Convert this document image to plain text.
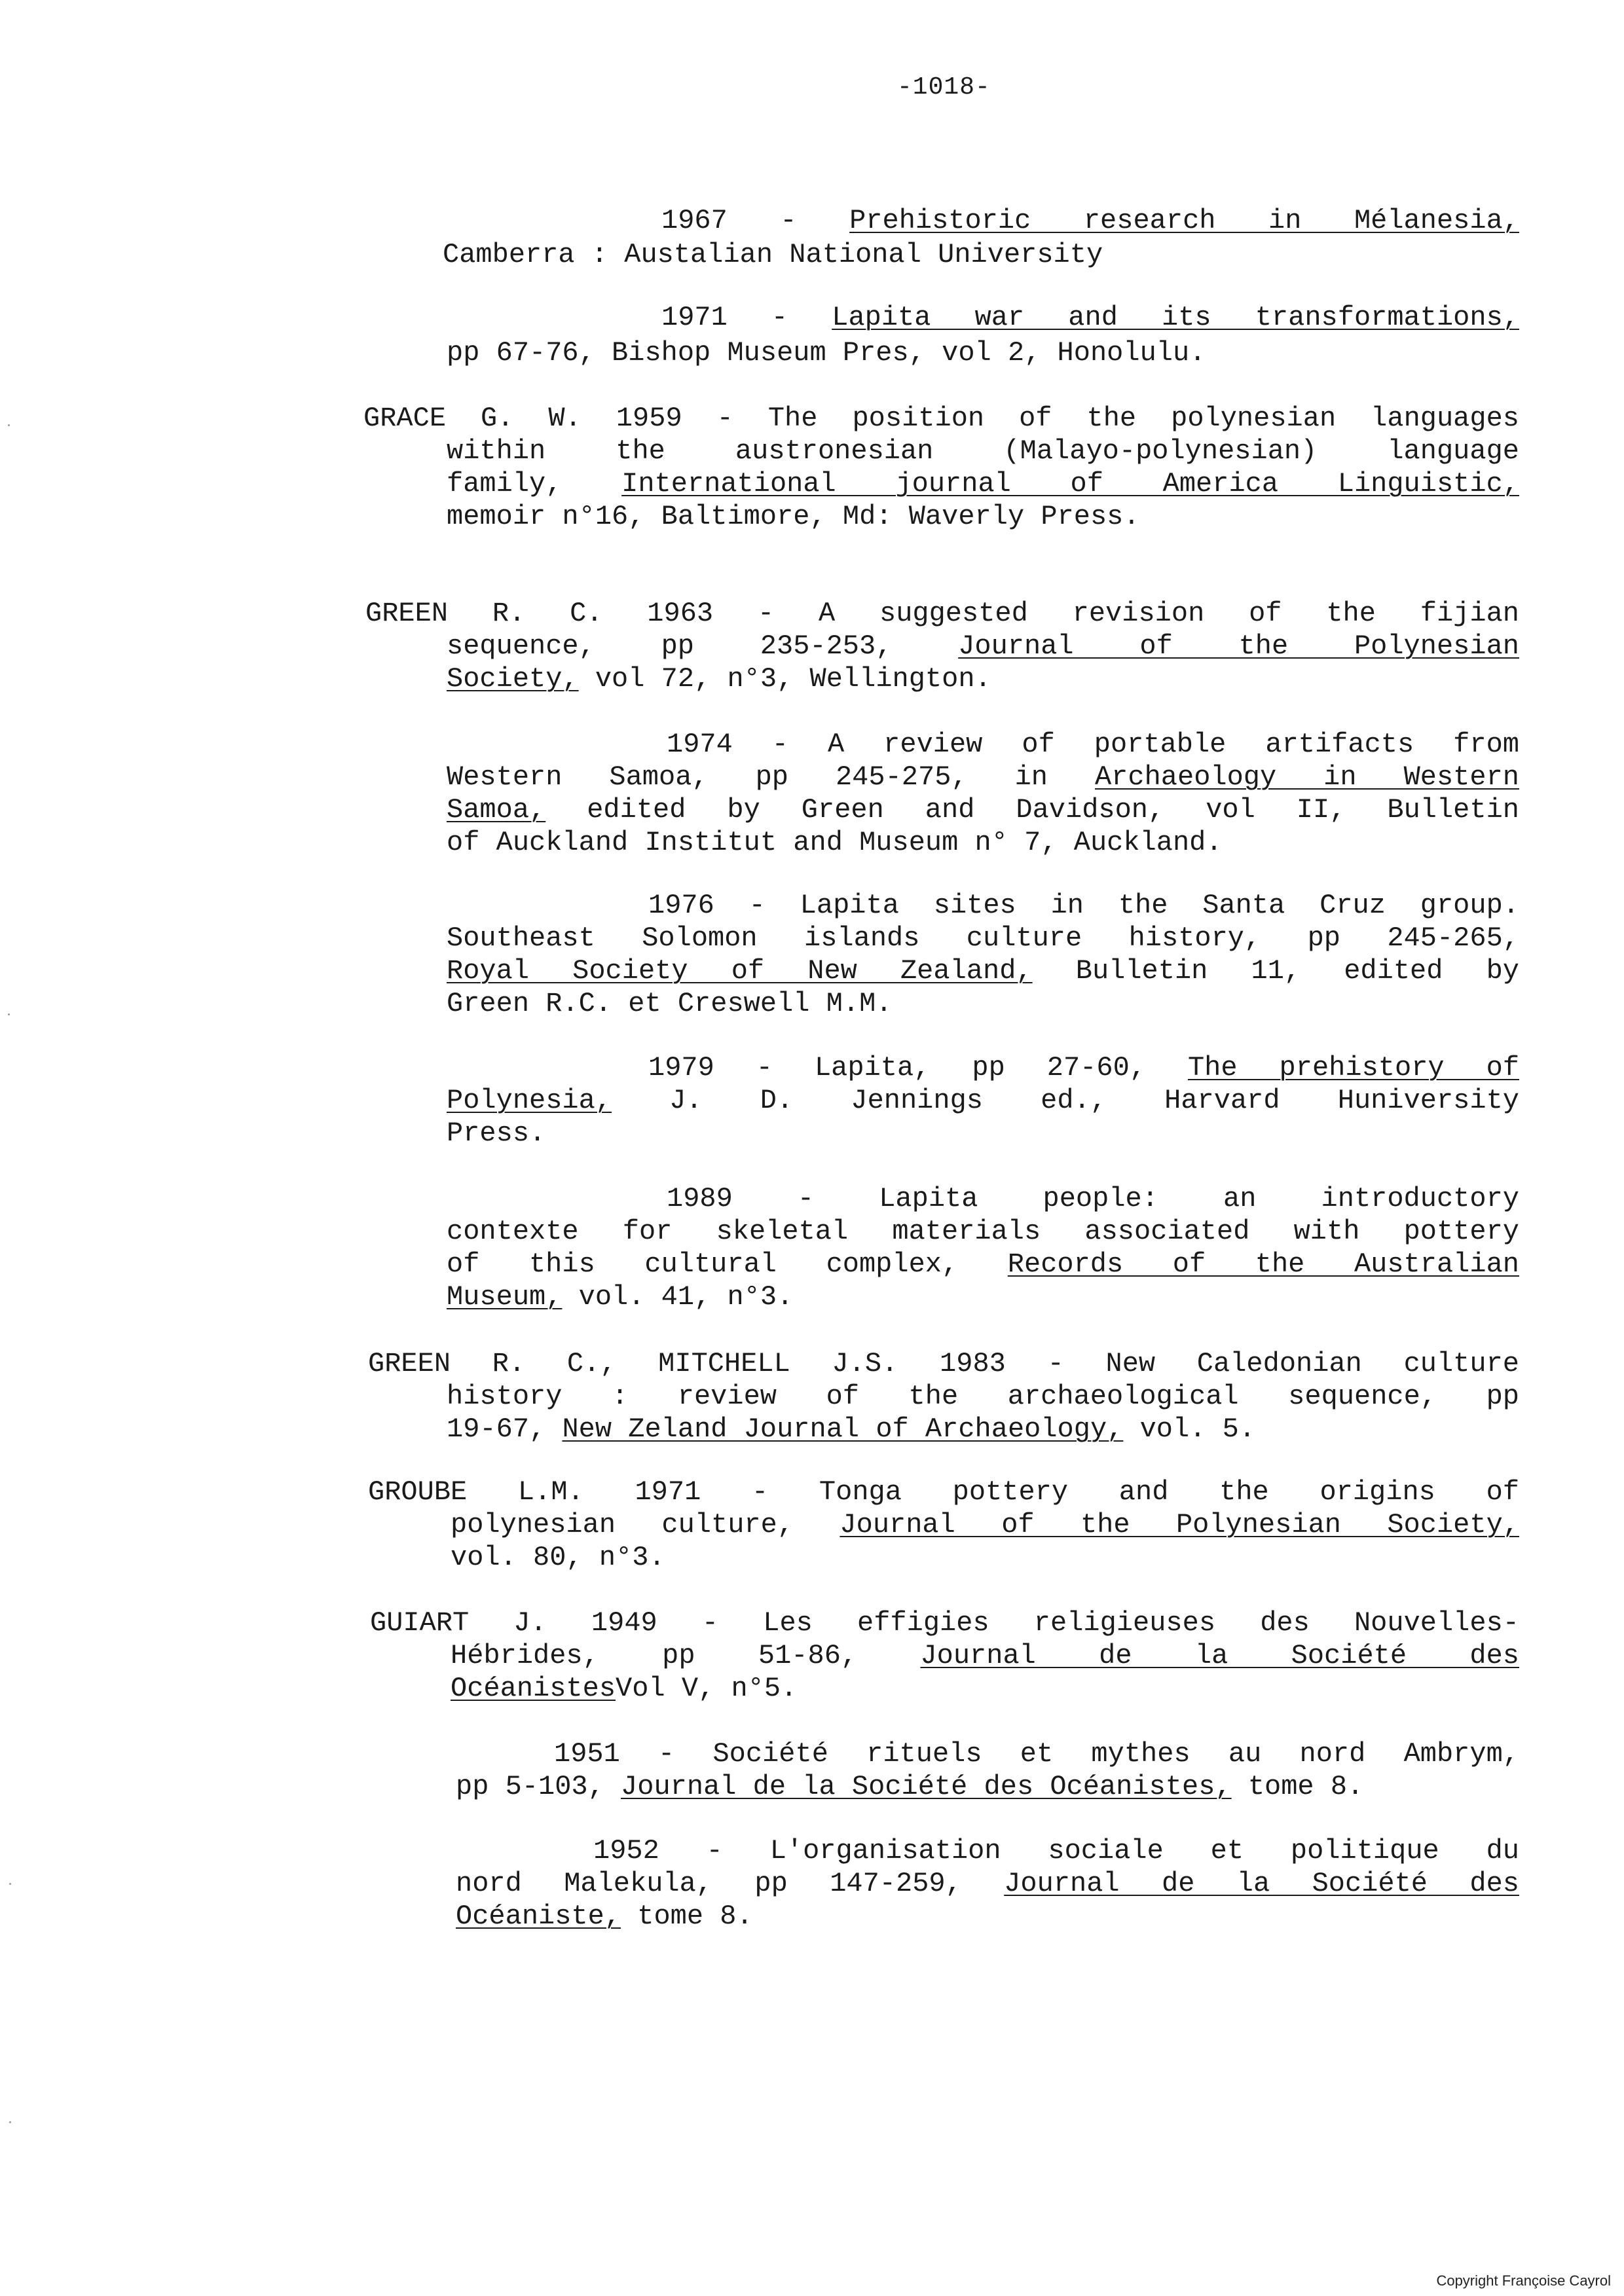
-1018-
1967 - Prehistoric research in Mélanesia,
Camberra : Austalian National University
1971 - Lapita war and its transformations,
pp 67-76, Bishop Museum Pres, vol 2, Honolulu.
GRACE G. W. 1959 - The position of the polynesian languages
within the austronesian (Malayo-polynesian) language
family, International journal of America Linguistic,
memoir n°16, Baltimore, Md: Waverly Press.
GREEN R. C. 1963 - A suggested revision of the fijian
sequence, pp 235-253, Journal of the Polynesian
Society, vol 72, n°3, Wellington.
1974 - A review of portable artifacts from
Western Samoa, pp 245-275, in Archaeology in Western
Samoa, edited by Green and Davidson, vol II, Bulletin
of Auckland Institut and Museum n° 7, Auckland.
1976 - Lapita sites in the Santa Cruz group.
Southeast Solomon islands culture history, pp 245-265,
Royal Society of New Zealand, Bulletin 11, edited by
Green R.C. et Creswell M.M.
1979 - Lapita, pp 27-60, The prehistory of
Polynesia, J. D. Jennings ed., Harvard Huniversity
Press.
1989 - Lapita people: an introductory
contexte for skeletal materials associated with pottery
of this cultural complex, Records of the Australian
Museum, vol. 41, n°3.
GREEN R. C., MITCHELL J.S. 1983 - New Caledonian culture
history : review of the archaeological sequence, pp
19-67, New Zeland Journal of Archaeology, vol. 5.
GROUBE L.M. 1971 - Tonga pottery and the origins of
polynesian culture, Journal of the Polynesian Society,
vol. 80, n°3.
GUIART J. 1949 - Les effigies religieuses des Nouvelles-
Hébrides, pp 51-86, Journal de la Société des
OcéanistesVol V, n°5.
1951 - Société rituels et mythes au nord Ambrym,
pp 5-103, Journal de la Société des Océanistes, tome 8.
1952 - L'organisation sociale et politique du
nord Malekula, pp 147-259, Journal de la Société des
Océaniste, tome 8.
Copyright Françoise Cayrol
